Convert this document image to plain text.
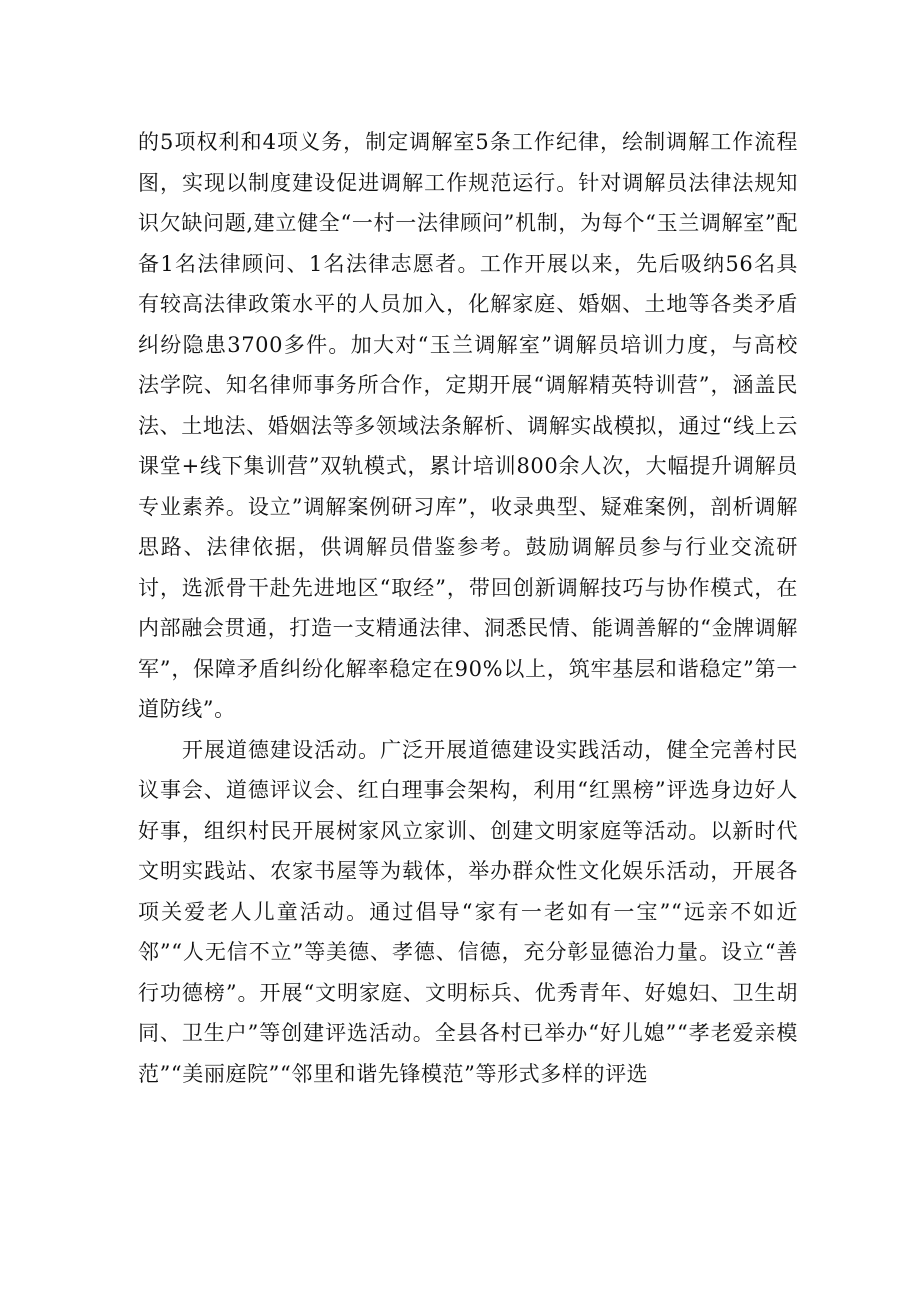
的5项权利和4项义务，制定调解室5条工作纪律，绘制调解工作流程图，实现以制度建设促进调解工作规范运行。针对调解员法律法规知识欠缺问题,建立健全“一村一法律顾问”机制，为每个“玉兰调解室”配备1名法律顾问、1名法律志愿者。工作开展以来，先后吸纳56名具有较高法律政策水平的人员加入，化解家庭、婚姻、土地等各类矛盾纠纷隐患3700多件。加大对“玉兰调解室”调解员培训力度，与高校法学院、知名律师事务所合作，定期开展“调解精英特训营”，涵盖民法、土地法、婚姻法等多领域法条解析、调解实战模拟，通过“线上云课堂+线下集训营”双轨模式，累计培训800余人次，大幅提升调解员专业素养。设立”调解案例研习库”，收录典型、疑难案例，剖析调解思路、法律依据，供调解员借鉴参考。鼓励调解员参与行业交流研讨，选派骨干赴先进地区“取经”，带回创新调解技巧与协作模式，在内部融会贯通，打造一支精通法律、洞悉民情、能调善解的“金牌调解军”，保障矛盾纠纷化解率稳定在90%以上，筑牢基层和谐稳定”第一道防线”。

开展道德建设活动。广泛开展道德建设实践活动，健全完善村民议事会、道德评议会、红白理事会架构，利用“红黑榜”评选身边好人好事，组织村民开展树家风立家训、创建文明家庭等活动。以新时代文明实践站、农家书屋等为载体，举办群众性文化娱乐活动，开展各项关爱老人儿童活动。通过倡导“家有一老如有一宝”“远亲不如近邻”“人无信不立”等美德、孝德、信德，充分彰显德治力量。设立“善行功德榜”。开展“文明家庭、文明标兵、优秀青年、好媳妇、卫生胡同、卫生户”等创建评选活动。全县各村已举办“好儿媳”“孝老爱亲模范”“美丽庭院”“邻里和谐先锋模范”等形式多样的评选
